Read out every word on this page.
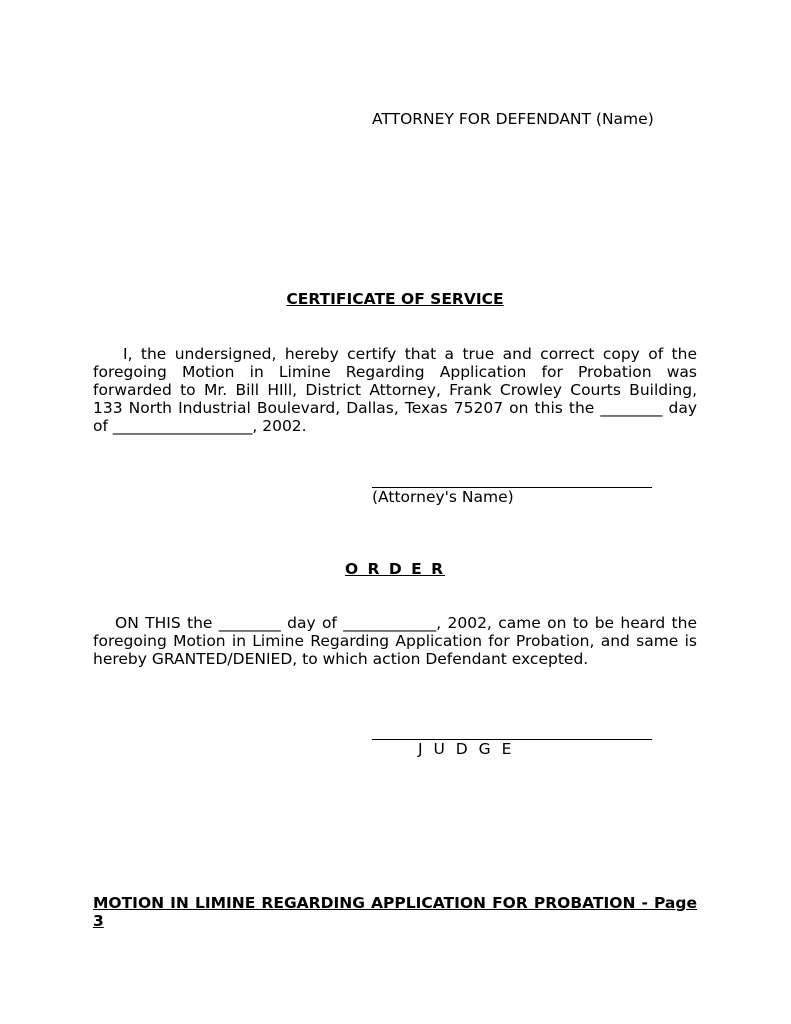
ATTORNEY FOR DEFENDANT (Name)
CERTIFICATE OF SERVICE
I, the undersigned, hereby certify that a true and correct copy of the foregoing Motion in Limine Regarding Application for Probation was forwarded to Mr. Bill HIll, District Attorney, Frank Crowley Courts Building, 133 North Industrial Boulevard, Dallas, Texas 75207 on this the ________ day of __________________, 2002.
(Attorney's Name)
O R D E R
ON THIS the ________ day of ____________, 2002, came on to be heard the foregoing Motion in Limine Regarding Application for Probation, and same is hereby GRANTED/DENIED, to which action Defendant excepted.
J U D G E
MOTION IN LIMINE REGARDING APPLICATION FOR PROBATION - Page 3
